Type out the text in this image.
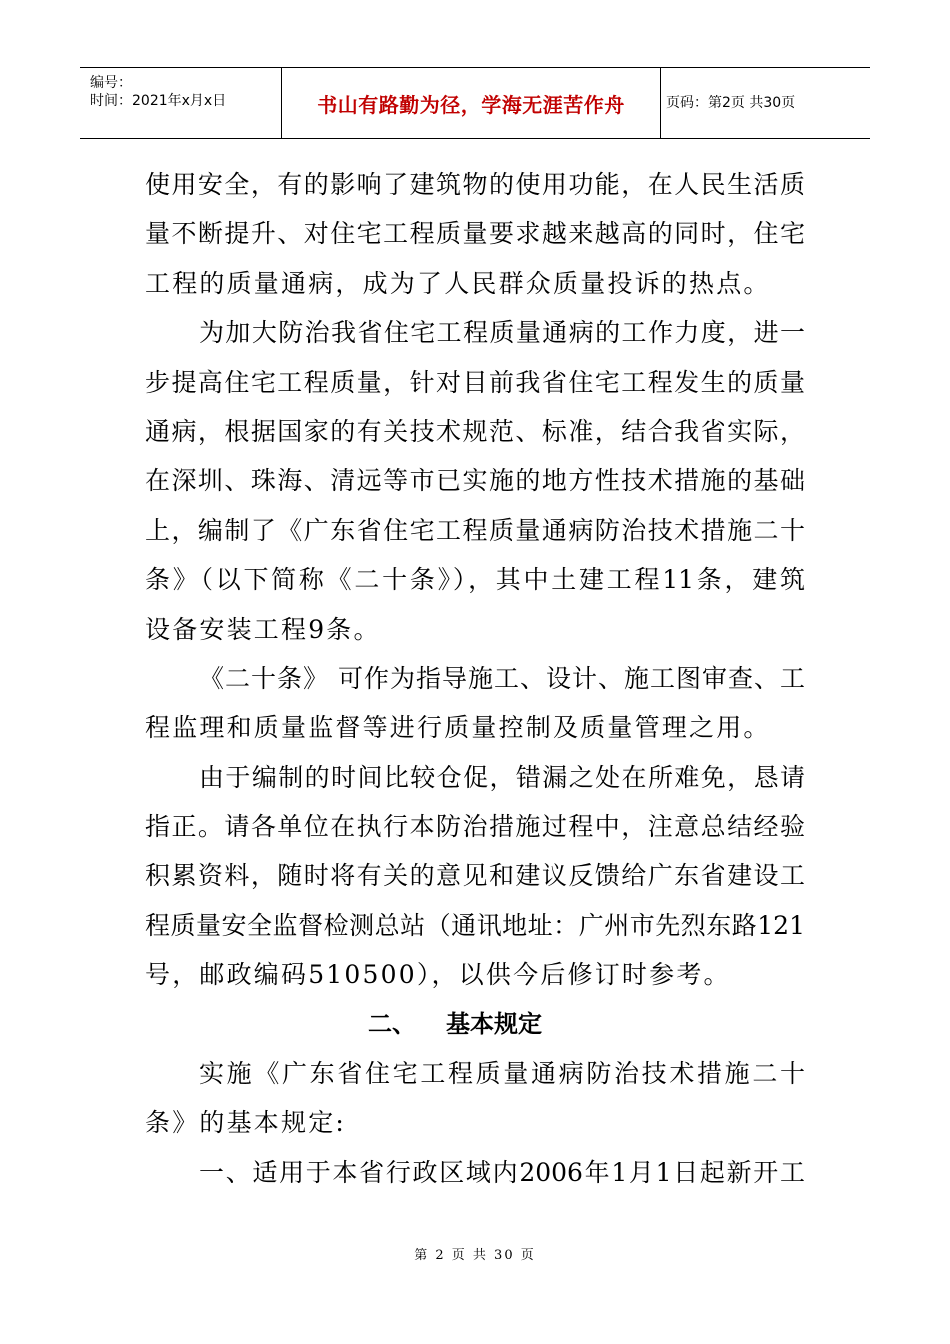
编号：
时间：2021年x月x日	书山有路勤为径，学海无涯苦作舟	页码：第2页 共30页
使用安全，有的影响了建筑物的使用功能，在人民生活质
量不断提升、对住宅工程质量要求越来越高的同时，住宅
工程的质量通病，成为了人民群众质量投诉的热点。
为加大防治我省住宅工程质量通病的工作力度，进一
步提高住宅工程质量，针对目前我省住宅工程发生的质量
通病，根据国家的有关技术规范、标准，结合我省实际，
在深圳、珠海、清远等市已实施的地方性技术措施的基础
上，编制了《广东省住宅工程质量通病防治技术措施二十
条》（以下简称《二十条》），其中土建工程11条，建筑
设备安装工程9条。
《二十条》 可作为指导施工、设计、施工图审查、工
程监理和质量监督等进行质量控制及质量管理之用。
由于编制的时间比较仓促，错漏之处在所难免，恳请
指正。请各单位在执行本防治措施过程中，注意总结经验
积累资料，随时将有关的意见和建议反馈给广东省建设工
程质量安全监督检测总站（通讯地址：广州市先烈东路121
号，邮政编码510500），以供今后修订时参考。
二、 基本规定
实施《广东省住宅工程质量通病防治技术措施二十
条》的基本规定:
一、适用于本省行政区域内2006年1月1日起新开工
第 2 页 共 30 页
